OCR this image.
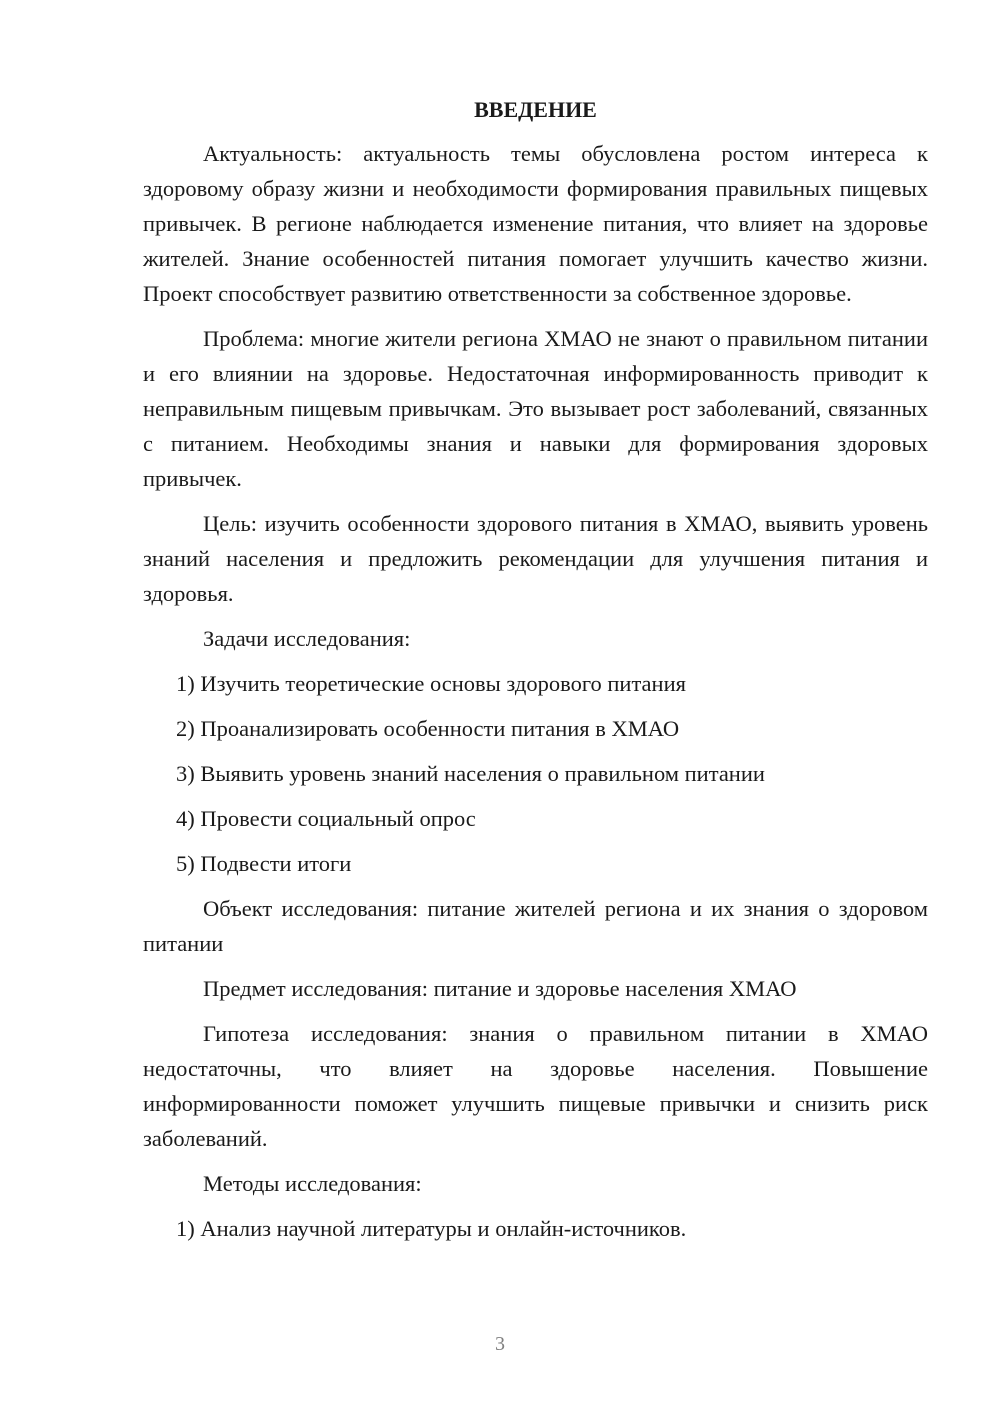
ВВЕДЕНИЕ

Актуальность: актуальность темы обусловлена ростом интереса к здоровому образу жизни и необходимости формирования правильных пищевых привычек. В регионе наблюдается изменение питания, что влияет на здоровье жителей. Знание особенностей питания помогает улучшить качество жизни. Проект способствует развитию ответственности за собственное здоровье.

Проблема: многие жители региона ХМАО не знают о правильном питании и его влиянии на здоровье. Недостаточная информированность приводит к неправильным пищевым привычкам. Это вызывает рост заболеваний, связанных с питанием. Необходимы знания и навыки для формирования здоровых привычек.

Цель: изучить особенности здорового питания в ХМАО, выявить уровень знаний населения и предложить рекомендации для улучшения питания и здоровья.

Задачи исследования:

1) Изучить теоретические основы здорового питания

2) Проанализировать особенности питания в ХМАО

3) Выявить уровень знаний населения о правильном питании

4) Провести социальный опрос

5) Подвести итоги

Объект исследования: питание жителей региона и их знания о здоровом питании

Предмет исследования: питание и здоровье населения ХМАО

Гипотеза исследования: знания о правильном питании в ХМАО недостаточны, что влияет на здоровье населения. Повышение информированности поможет улучшить пищевые привычки и снизить риск заболеваний.

Методы исследования:

1) Анализ научной литературы и онлайн-источников.

3
